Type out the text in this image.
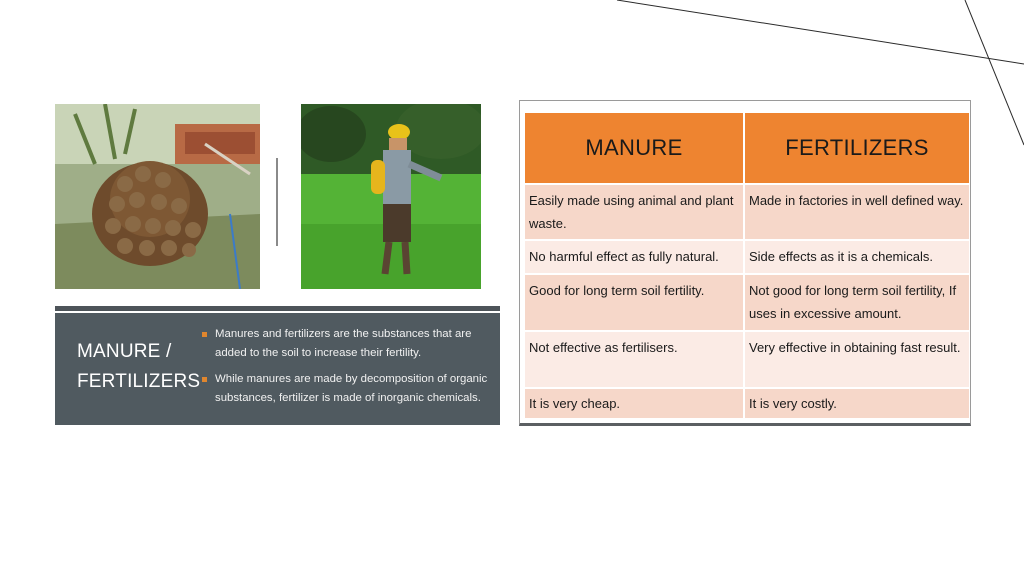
MANURE / FERTILIZERS
Manures and fertilizers are the substances that are added to the soil to increase their fertility.
While manures are made by decomposition of organic substances, fertilizer is made of inorganic chemicals.
MANURE	FERTILIZERS
Easily made using animal and plant waste.	Made in factories in well defined way.
No harmful effect as fully natural.	Side effects as it is a chemicals.
Good for long term soil fertility.	Not good for long term soil fertility, If uses in excessive amount.
Not effective as fertilisers.	Very effective in obtaining fast result.
It is very cheap.	It is very costly.
